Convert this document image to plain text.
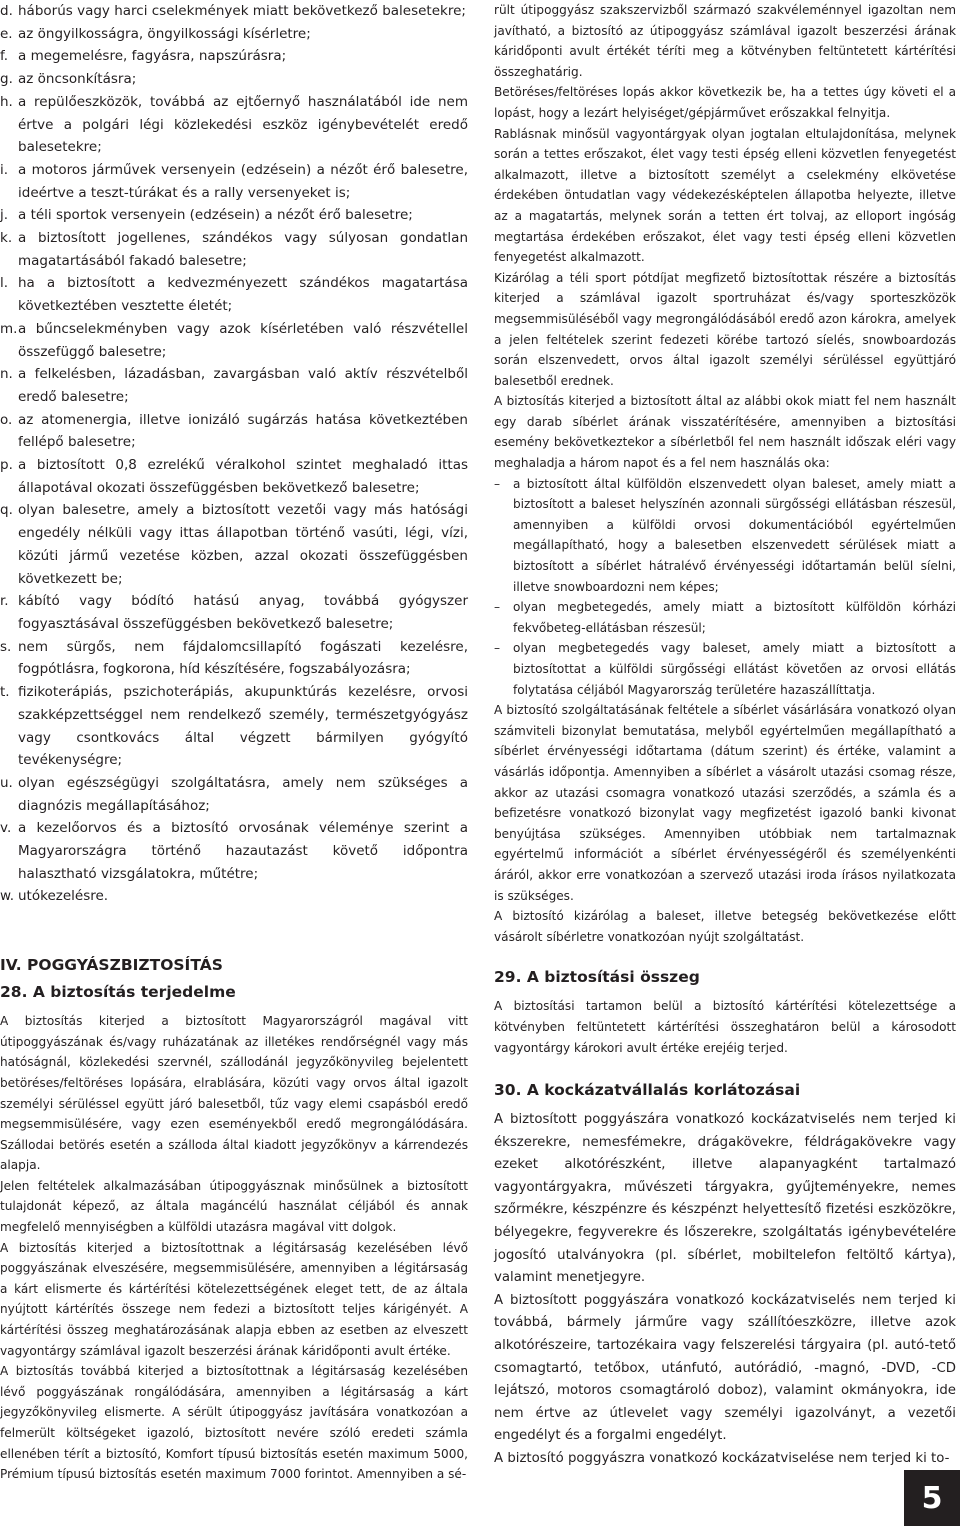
d. háborús vagy harci cselekmények miatt bekövetkező balesetekre;
e. az öngyilkosságra, öngyilkossági kísérletre;
f. a megemelésre, fagyásra, napszúrásra;
g. az öncsonkításra;
h. a repülőeszközök, továbbá az ejtőernyő használatából ide nem értve a polgári légi közlekedési eszköz igénybevételét eredő balesetekre;
i. a motoros járművek versenyein (edzésein) a nézőt érő balesetre, ideértve a teszt-túrákat és a rally versenyeket is;
j. a téli sportok versenyein (edzésein) a nézőt érő balesetre;
k. a biztosított jogellenes, szándékos vagy súlyosan gondatlan magatartásából fakadó balesetre;
l. ha a biztosított a kedvezményezett szándékos magatartása következtében vesztette életét;
m. a bűncselekményben vagy azok kísérletében való részvétellel összefüggő balesetre;
n. a felkelésben, lázadásban, zavargásban való aktív részvételből eredő balesetre;
o. az atomenergia, illetve ionizáló sugárzás hatása következtében fellépő balesetre;
p. a biztosított 0,8 ezrelékű véralkohol szintet meghaladó ittas állapotával okozati összefüggésben bekövetkező balesetre;
q. olyan balesetre, amely a biztosított vezetői vagy más hatósági engedély nélküli vagy ittas állapotban történő vasúti, légi, vízi, közúti jármű vezetése közben, azzal okozati összefüggésben következett be;
r. kábító vagy bódító hatású anyag, továbbá gyógyszer fogyasztásával összefüggésben bekövetkező balesetre;
s. nem sürgős, nem fájdalomcsillapító fogászati kezelésre, fogpótlásra, fogkorona, híd készítésére, fogszabályozásra;
t. fizikoterápiás, pszichoterápiás, akupunktúrás kezelésre, orvosi szakképzettséggel nem rendelkező személy, természetgyógyász vagy csontkovács által végzett bármilyen gyógyító tevékenységre;
u. olyan egészségügyi szolgáltatásra, amely nem szükséges a diagnózis megállapításához;
v. a kezelőorvos és a biztosító orvosának véleménye szerint a Magyarországra történő hazautazást követő időpontra halasztható vizsgálatokra, műtétre;
w. utókezelésre.
IV. POGGYÁSZBIZTOSÍTÁS
28. A biztosítás terjedelme

A biztosítás kiterjed a biztosított Magyarországról magával vitt útipoggyászának és/vagy ruházatának az illetékes rendőrségnél vagy más hatóságnál, közlekedési szervnél, szállodánál jegyzőkönyvileg bejelentett betöréses/feltöréses lopására, elrablására, közúti vagy orvos által igazolt személyi sérüléssel együtt járó balesetből, tűz vagy elemi csapásból eredő megsemmisülésére, vagy ezen eseményekből eredő megrongálódására. Szállodai betörés esetén a szálloda által kiadott jegyzőkönyv a kárrendezés alapja.

Jelen feltételek alkalmazásában útipoggyásznak minősülnek a biztosított tulajdonát képező, az általa magáncélú használat céljából és annak megfelelő mennyiségben a külföldi utazásra magával vitt dolgok.

A biztosítás kiterjed a biztosítottnak a légitársaság kezelésében lévő poggyászának elveszésére, megsemmisülésére, amennyiben a légitársaság a kárt elismerte és kártérítési kötelezettségének eleget tett, de az általa nyújtott kártérítés összege nem fedezi a biztosított teljes kárigényét. A kártérítési összeg meghatározásának alapja ebben az esetben az elveszett vagyontárgy számlával igazolt beszerzési árának káridőponti avult értéke.

A biztosítás továbbá kiterjed a biztosítottnak a légitársaság kezelésében lévő poggyászának rongálódására, amennyiben a légitársaság a kárt jegyzőkönyvileg elismerte. A sérült útipoggyász javítására vonatkozóan a felmerült költségeket igazoló, biztosított nevére szóló eredeti számla ellenében térít a biztosító, Komfort típusú biztosítás esetén maximum 5000, Prémium típusú biztosítás esetén maximum 7000 forintot. Amennyiben a sé-

rült útipoggyász szakszervizből származó szakvéleménnyel igazoltan nem javítható, a biztosító az útipoggyász számlával igazolt beszerzési árának káridőponti avult értékét téríti meg a kötvényben feltüntetett kártérítési összeghatárig.

Betöréses/feltöréses lopás akkor következik be, ha a tettes úgy követi el a lopást, hogy a lezárt helyiséget/gépjárművet erőszakkal felnyitja.

Rablásnak minősül vagyontárgyak olyan jogtalan eltulajdonítása, melynek során a tettes erőszakot, élet vagy testi épség elleni közvetlen fenyegetést alkalmazott, illetve a biztosított személyt a cselekmény elkövetése érdekében öntudatlan vagy védekezésképtelen állapotba helyezte, illetve az a magatartás, melynek során a tetten ért tolvaj, az elloport ingóság megtartása érdekében erőszakot, élet vagy testi épség elleni közvetlen fenyegetést alkalmazott.

Kizárólag a téli sport pótdíjat megfizető biztosítottak részére a biztosítás kiterjed a számlával igazolt sportruházat és/vagy sporteszközök megsemmisüléséből vagy megrongálódásából eredő azon károkra, amelyek a jelen feltételek szerint fedezeti körébe tartozó síelés, snowboardozás során elszenvedett, orvos által igazolt személyi sérüléssel együttjáró balesetből erednek.

A biztosítás kiterjed a biztosított által az alábbi okok miatt fel nem használt egy darab síbérlet árának visszatérítésére, amennyiben a biztosítási esemény bekövetkeztekor a síbérletből fel nem használt időszak eléri vagy meghaladja a három napot és a fel nem használás oka:

– a biztosított által külföldön elszenvedett olyan baleset, amely miatt a biztosított a baleset helyszínén azonnali sürgősségi ellátásban részesül, amennyiben a külföldi orvosi dokumentációból egyértelműen megállapítható, hogy a balesetben elszenvedett sérülések miatt a biztosított a síbérlet hátralévő érvényességi időtartamán belül síelni, illetve snowboardozni nem képes;
– olyan megbetegedés, amely miatt a biztosított külföldön kórházi fekvőbeteg-ellátásban részesül;
– olyan megbetegedés vagy baleset, amely miatt a biztosított a biztosítottat a külföldi sürgősségi ellátást követően az orvosi ellátás folytatása céljából Magyarország területére hazaszállíttatja.

A biztosító szolgáltatásának feltétele a síbérlet vásárlására vonatkozó olyan számviteli bizonylat bemutatása, melyből egyértelműen megállapítható a síbérlet érvényességi időtartama (dátum szerint) és értéke, valamint a vásárlás időpontja. Amennyiben a síbérlet a vásárolt utazási csomag része, akkor az utazási csomagra vonatkozó utazási szerződés, a számla és a befizetésre vonatkozó bizonylat vagy megfizetést igazoló banki kivonat benyújtása szükséges. Amennyiben utóbbiak nem tartalmaznak egyértelmű információt a síbérlet érvényességéről és személyenkénti áráról, akkor erre vonatkozóan a szervező utazási iroda írásos nyilatkozata is szükséges.

A biztosító kizárólag a baleset, illetve betegség bekövetkezése előtt vásárolt síbérletre vonatkozóan nyújt szolgáltatást.

29. A biztosítási összeg

A biztosítási tartamon belül a biztosító kártérítési kötelezettsége a kötvényben feltüntetett kártérítési összeghatáron belül a károsodott vagyontárgy károkori avult értéke erejéig terjed.

30. A kockázatvállalás korlátozásai

A biztosított poggyászára vonatkozó kockázatviselés nem terjed ki ékszerekre, nemesfémekre, drágakövekre, féldrágakövekre vagy ezeket alkotórészként, illetve alapanyagként tartalmazó vagyontárgyakra, művészeti tárgyakra, gyűjteményekre, nemes szőrmékre, készpénzre és készpénzt helyettesítő fizetési eszközökre, bélyegekre, fegyverekre és lőszerekre, szolgáltatás igénybevételére jogosító utalványokra (pl. síbérlet, mobiltelefon feltöltő kártya), valamint menetjegyre.

A biztosított poggyászára vonatkozó kockázatviselés nem terjed ki továbbá, bármely járműre vagy szállítóeszközre, illetve azok alkotórészeire, tartozékaira vagy felszerelési tárgyaira (pl. autó-tető csomagtartó, tetőbox, utánfutó, autórádió, -magnó, -DVD, -CD lejátszó, motoros csomagtároló doboz), valamint okmányokra, ide nem értve az útlevelet vagy személyi igazolványt, a vezetői engedélyt és a forgalmi engedélyt.

A biztosító poggyászra vonatkozó kockázatviselése nem terjed ki to-

5
